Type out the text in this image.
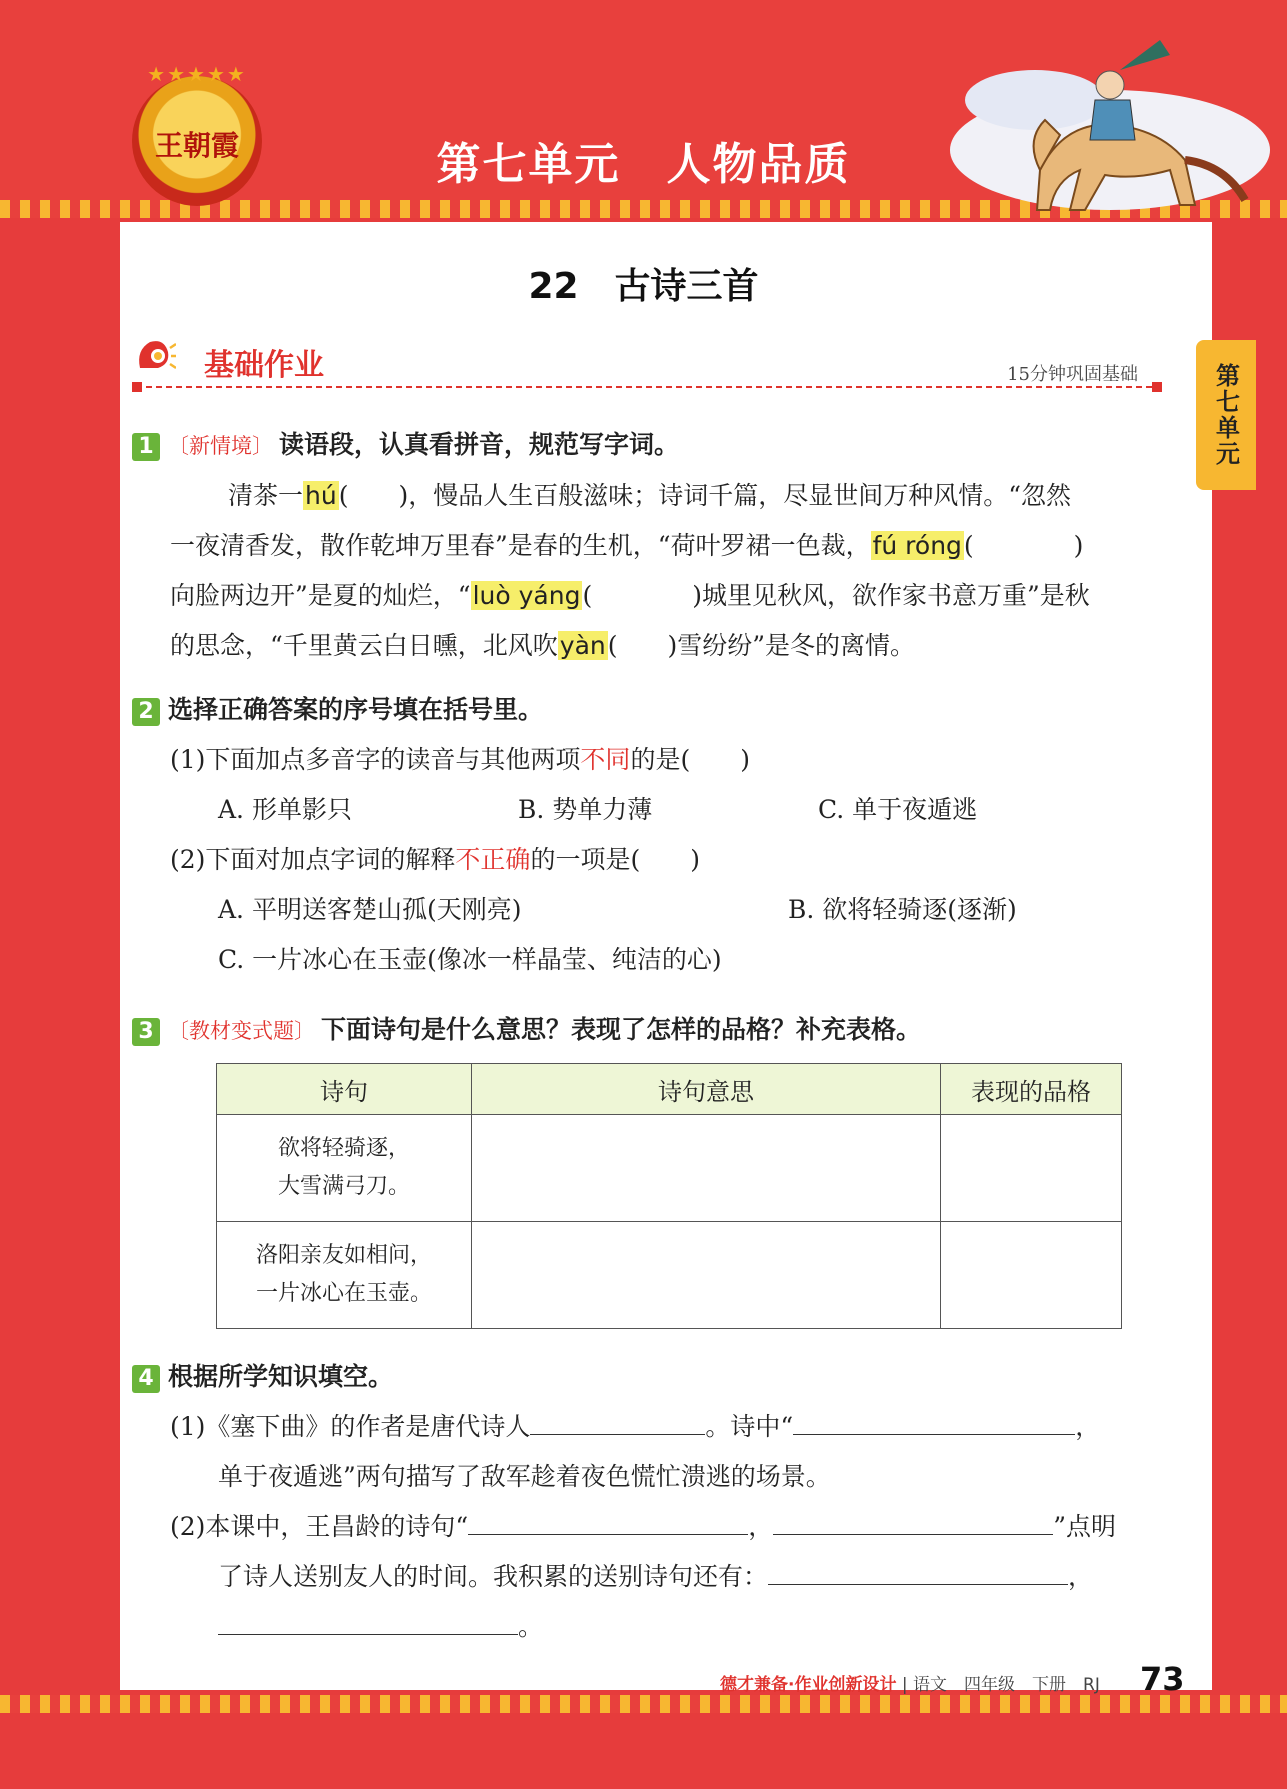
★★★★★
王朝霞	第七单元　人物品质
第七单元
22　古诗三首
基础作业	15分钟巩固基础
1 〔新情境〕 读语段，认真看拼音，规范写字词。
清茶一hú(　　)，慢品人生百般滋味；诗词千篇，尽显世间万种风情。“忽然
一夜清香发，散作乾坤万里春”是春的生机，“荷叶罗裙一色裁，fú róng(　　　　)
向脸两边开”是夏的灿烂，“luò yáng(　　　　)城里见秋风，欲作家书意万重”是秋
的思念，“千里黄云白日曛，北风吹yàn(　　)雪纷纷”是冬的离情。
2 选择正确答案的序号填在括号里。
(1)下面加点多音字的读音与其他两项不同的是(　　)
A. 形单影只	B. 势单力薄	C. 单于夜遁逃
(2)下面对加点字词的解释不正确的一项是(　　)
A. 平明送客楚山孤(天刚亮)	B. 欲将轻骑逐(逐渐)
C. 一片冰心在玉壶(像冰一样晶莹、纯洁的心)
3 〔教材变式题〕 下面诗句是什么意思？表现了怎样的品格？补充表格。
诗句	诗句意思	表现的品格

欲将轻骑逐，
大雪满弓刀。		

洛阳亲友如相问，
一片冰心在玉壶。		

4 根据所学知识填空。
(1)《塞下曲》的作者是唐代诗人	。诗中“	，
单于夜遁逃”两句描写了敌军趁着夜色慌忙溃逃的场景。
(2)本课中，王昌龄的诗句“	，	”点明
了诗人送别友人的时间。我积累的送别诗句还有：	，
。
德才兼备·作业创新设计 | 语文　四年级　下册　RJ 73
